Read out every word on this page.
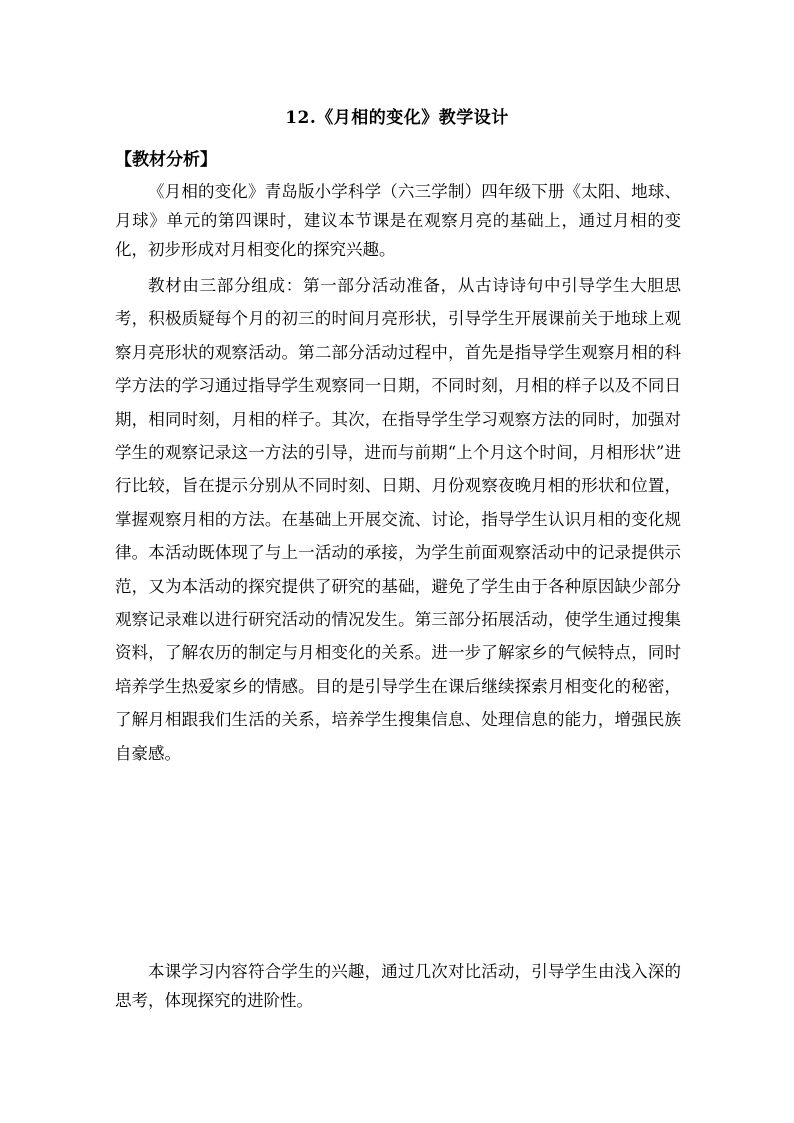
12.《月相的变化》教学设计
【教材分析】

《月相的变化》青岛版小学科学（六三学制）四年级下册《太阳、地球、月球》单元的第四课时，建议本节课是在观察月亮的基础上，通过月相的变化，初步形成对月相变化的探究兴趣。

教材由三部分组成：第一部分活动准备，从古诗诗句中引导学生大胆思考，积极质疑每个月的初三的时间月亮形状，引导学生开展课前关于地球上观察月亮形状的观察活动。第二部分活动过程中，首先是指导学生观察月相的科学方法的学习通过指导学生观察同一日期，不同时刻，月相的样子以及不同日期，相同时刻，月相的样子。其次，在指导学生学习观察方法的同时，加强对学生的观察记录这一方法的引导，进而与前期“上个月这个时间，月相形状”进行比较，旨在提示分别从不同时刻、日期、月份观察夜晚月相的形状和位置，掌握观察月相的方法。在基础上开展交流、讨论，指导学生认识月相的变化规律。本活动既体现了与上一活动的承接，为学生前面观察活动中的记录提供示范，又为本活动的探究提供了研究的基础，避免了学生由于各种原因缺少部分观察记录难以进行研究活动的情况发生。第三部分拓展活动，使学生通过搜集资料，了解农历的制定与月相变化的关系。进一步了解家乡的气候特点，同时培养学生热爱家乡的情感。目的是引导学生在课后继续探索月相变化的秘密，了解月相跟我们生活的关系，培养学生搜集信息、处理信息的能力，增强民族自豪感。

本课学习内容符合学生的兴趣，通过几次对比活动，引导学生由浅入深的思考，体现探究的进阶性。
